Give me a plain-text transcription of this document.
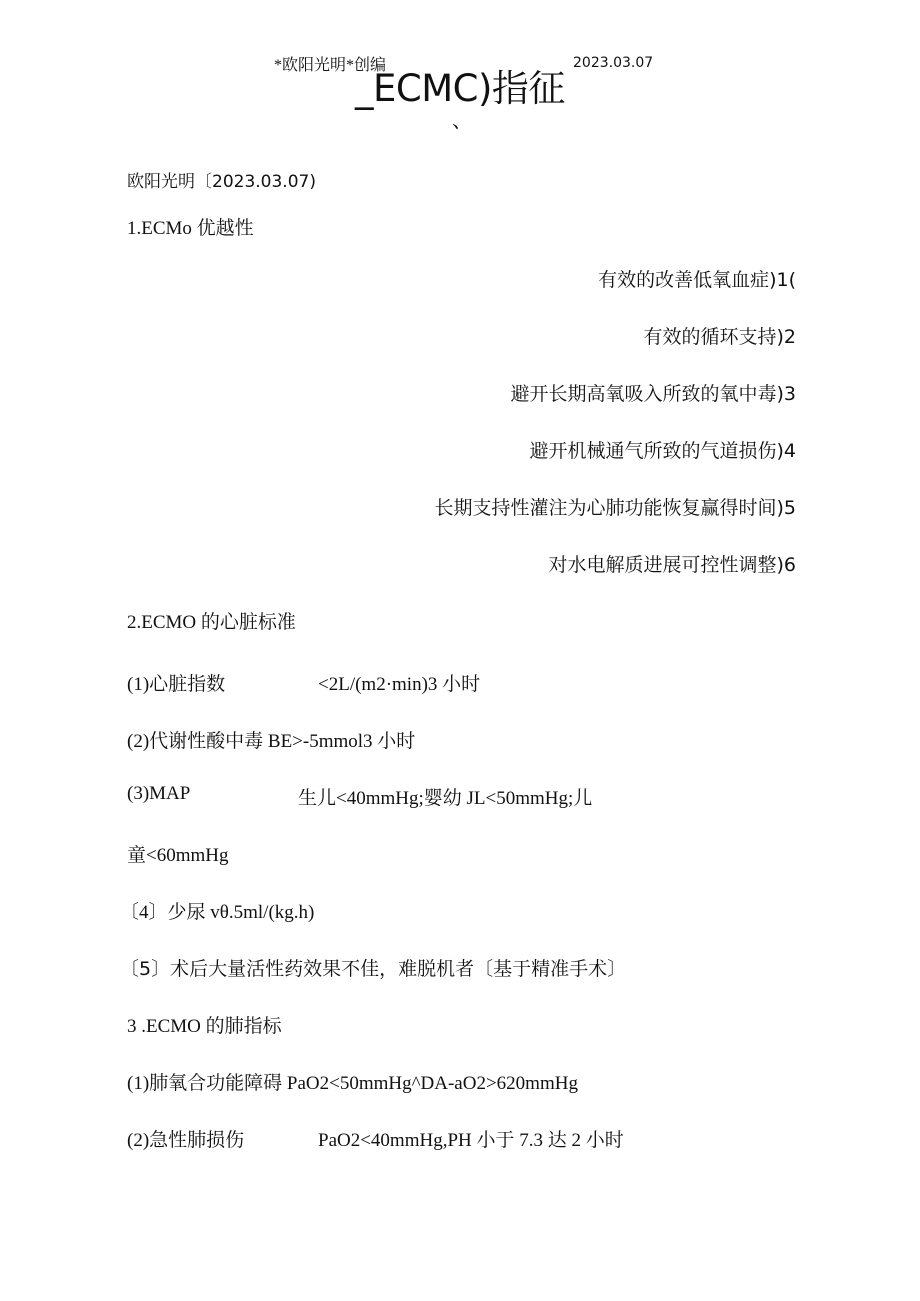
*欧阳光明*创编
_ECMC)指征
2023.03.07
、
欧阳光明〔2023.03.07)
1.ECMo 优越性
有效的改善低氧血症)1(
有效的循环支持)2
避开长期高氧吸入所致的氧中毒)3
避开机械通气所致的气道损伤)4
长期支持性灌注为心肺功能恢复赢得时间)5
对水电解质进展可控性调整)6
2.ECMO 的心脏标准
(1)心脏指数	<2L/(m2·min)3 小时
(2)代谢性酸中毒 BE>-5mmol3 小时
(3)MAP	生儿<40mmHg;婴幼 JL<50mmHg;儿
童<60mmHg
〔4〕少尿 vθ.5ml/(kg.h)
〔5〕术后大量活性药效果不佳，难脱机者〔基于精准手术〕
3 .ECMO 的肺指标
(1)肺氧合功能障碍 PaO2<50mmHg^DA-aO2>620mmHg
(2)急性肺损伤	PaO2<40mmHg,PH 小于 7.3 达 2 小时
